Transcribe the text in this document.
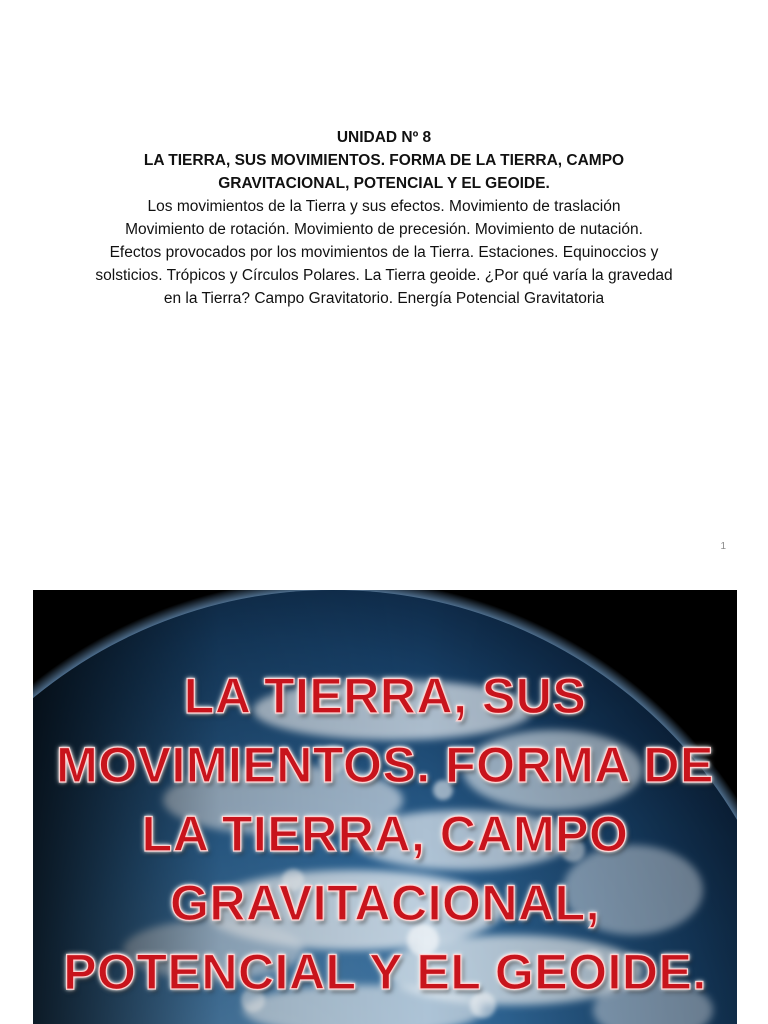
UNIDAD Nº 8

LA TIERRA, SUS MOVIMIENTOS. FORMA DE LA TIERRA, CAMPO

GRAVITACIONAL, POTENCIAL Y EL GEOIDE.

Los movimientos de la Tierra y sus efectos. Movimiento de traslación

Movimiento de rotación. Movimiento de precesión. Movimiento de nutación.

Efectos provocados por los movimientos de la Tierra. Estaciones. Equinoccios y

solsticios. Trópicos y Círculos Polares. La Tierra geoide. ¿Por qué varía la gravedad

en la Tierra? Campo Gravitatorio. Energía Potencial Gravitatoria

1
LA TIERRA, SUS
MOVIMIENTOS. FORMA DE
LA TIERRA, CAMPO
GRAVITACIONAL,
POTENCIAL Y EL GEOIDE.
